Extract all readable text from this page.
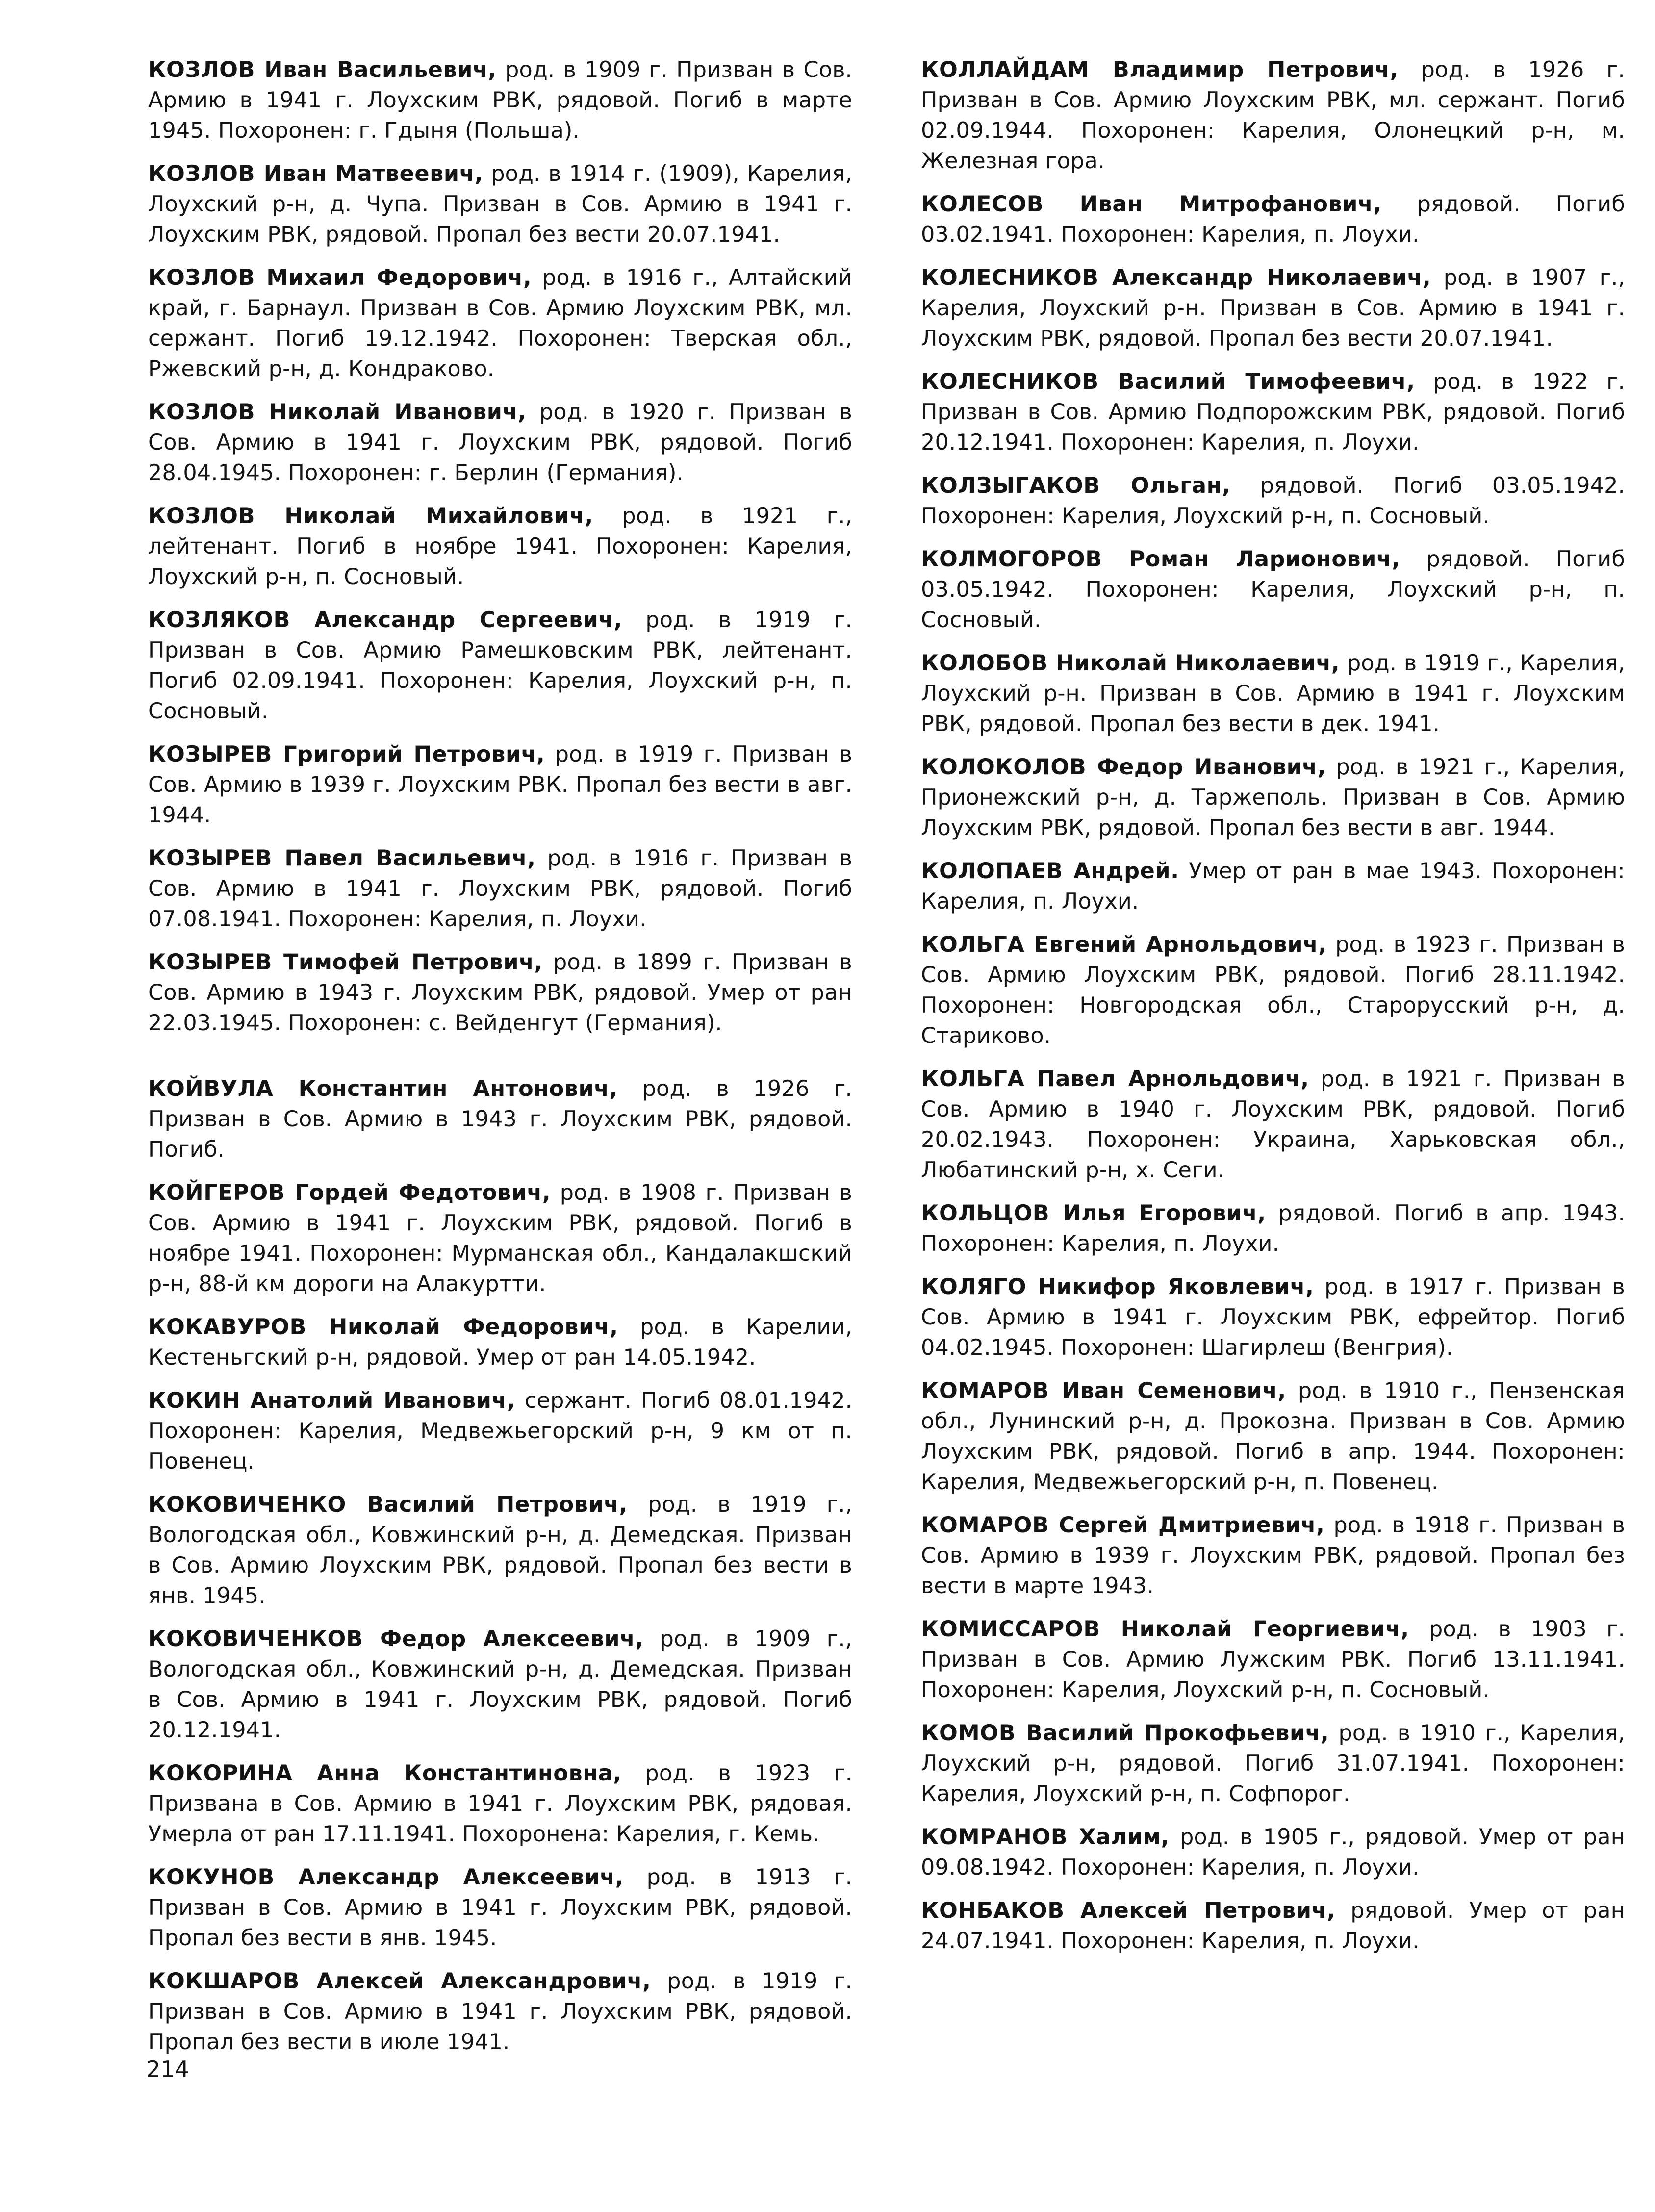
КОЗЛОВ Иван Васильевич, род. в 1909 г. Призван в Сов. Армию в 1941 г. Лоухским РВК, рядовой. Погиб в марте 1945. Похоронен: г. Гдыня (Польша).

КОЗЛОВ Иван Матвеевич, род. в 1914 г. (1909), Карелия, Лоухский р-н, д. Чупа. Призван в Сов. Армию в 1941 г. Лоухским РВК, рядовой. Пропал без вести 20.07.1941.

КОЗЛОВ Михаил Федорович, род. в 1916 г., Алтайский край, г. Барнаул. Призван в Сов. Армию Лоухским РВК, мл. сержант. Погиб 19.12.1942. Похоронен: Тверская обл., Ржевский р-н, д. Кондраково.

КОЗЛОВ Николай Иванович, род. в 1920 г. Призван в Сов. Армию в 1941 г. Лоухским РВК, рядовой. Погиб 28.04.1945. Похоронен: г. Берлин (Германия).

КОЗЛОВ Николай Михайлович, род. в 1921 г., лейтенант. Погиб в ноябре 1941. Похоронен: Карелия, Лоухский р-н, п. Сосновый.

КОЗЛЯКОВ Александр Сергеевич, род. в 1919 г. Призван в Сов. Армию Рамешковским РВК, лейтенант. Погиб 02.09.1941. Похоронен: Карелия, Лоухский р-н, п. Сосновый.

КОЗЫРЕВ Григорий Петрович, род. в 1919 г. Призван в Сов. Армию в 1939 г. Лоухским РВК. Пропал без вести в авг. 1944.

КОЗЫРЕВ Павел Васильевич, род. в 1916 г. Призван в Сов. Армию в 1941 г. Лоухским РВК, рядовой. Погиб 07.08.1941. Похоронен: Карелия, п. Лоухи.

КОЗЫРЕВ Тимофей Петрович, род. в 1899 г. Призван в Сов. Армию в 1943 г. Лоухским РВК, рядовой. Умер от ран 22.03.1945. Похоронен: с. Вейденгут (Германия).

КОЙВУЛА Константин Антонович, род. в 1926 г. Призван в Сов. Армию в 1943 г. Лоухским РВК, рядовой. Погиб.

КОЙГЕРОВ Гордей Федотович, род. в 1908 г. Призван в Сов. Армию в 1941 г. Лоухским РВК, рядовой. Погиб в ноябре 1941. Похоронен: Мурманская обл., Кандалакшский р-н, 88-й км дороги на Алакуртти.

КОКАВУРОВ Николай Федорович, род. в Карелии, Кестеньгский р-н, рядовой. Умер от ран 14.05.1942.

КОКИН Анатолий Иванович, сержант. Погиб 08.01.1942. Похоронен: Карелия, Медвежьегорский р-н, 9 км от п. Повенец.

КОКОВИЧЕНКО Василий Петрович, род. в 1919 г., Вологодская обл., Ковжинский р-н, д. Демедская. Призван в Сов. Армию Лоухским РВК, рядовой. Пропал без вести в янв. 1945.

КОКОВИЧЕНКОВ Федор Алексеевич, род. в 1909 г., Вологодская обл., Ковжинский р-н, д. Демедская. Призван в Сов. Армию в 1941 г. Лоухским РВК, рядовой. Погиб 20.12.1941.

КОКОРИНА Анна Константиновна, род. в 1923 г. Призвана в Сов. Армию в 1941 г. Лоухским РВК, рядовая. Умерла от ран 17.11.1941. Похоронена: Карелия, г. Кемь.

КОКУНОВ Александр Алексеевич, род. в 1913 г. Призван в Сов. Армию в 1941 г. Лоухским РВК, рядовой. Пропал без вести в янв. 1945.

КОКШАРОВ Алексей Александрович, род. в 1919 г. Призван в Сов. Армию в 1941 г. Лоухским РВК, рядовой. Пропал без вести в июле 1941.

КОЛЛАЙДАМ Владимир Петрович, род. в 1926 г. Призван в Сов. Армию Лоухским РВК, мл. сержант. Погиб 02.09.1944. Похоронен: Карелия, Олонецкий р-н, м. Железная гора.

КОЛЕСОВ Иван Митрофанович, рядовой. Погиб 03.02.1941. Похоронен: Карелия, п. Лоухи.

КОЛЕСНИКОВ Александр Николаевич, род. в 1907 г., Карелия, Лоухский р-н. Призван в Сов. Армию в 1941 г. Лоухским РВК, рядовой. Пропал без вести 20.07.1941.

КОЛЕСНИКОВ Василий Тимофеевич, род. в 1922 г. Призван в Сов. Армию Подпорожским РВК, рядовой. Погиб 20.12.1941. Похоронен: Карелия, п. Лоухи.

КОЛЗЫГАКОВ Ольган, рядовой. Погиб 03.05.1942. Похоронен: Карелия, Лоухский р-н, п. Сосновый.

КОЛМОГОРОВ Роман Ларионович, рядовой. Погиб 03.05.1942. Похоронен: Карелия, Лоухский р-н, п. Сосновый.

КОЛОБОВ Николай Николаевич, род. в 1919 г., Карелия, Лоухский р-н. Призван в Сов. Армию в 1941 г. Лоухским РВК, рядовой. Пропал без вести в дек. 1941.

КОЛОКОЛОВ Федор Иванович, род. в 1921 г., Карелия, Прионежский р-н, д. Таржеполь. Призван в Сов. Армию Лоухским РВК, рядовой. Пропал без вести в авг. 1944.

КОЛОПАЕВ Андрей. Умер от ран в мае 1943. Похоронен: Карелия, п. Лоухи.

КОЛЬГА Евгений Арнольдович, род. в 1923 г. Призван в Сов. Армию Лоухским РВК, рядовой. Погиб 28.11.1942. Похоронен: Новгородская обл., Старорусский р-н, д. Стариково.

КОЛЬГА Павел Арнольдович, род. в 1921 г. Призван в Сов. Армию в 1940 г. Лоухским РВК, рядовой. Погиб 20.02.1943. Похоронен: Украина, Харьковская обл., Любатинский р-н, х. Сеги.

КОЛЬЦОВ Илья Егорович, рядовой. Погиб в апр. 1943. Похоронен: Карелия, п. Лоухи.

КОЛЯГО Никифор Яковлевич, род. в 1917 г. Призван в Сов. Армию в 1941 г. Лоухским РВК, ефрейтор. Погиб 04.02.1945. Похоронен: Шагирлеш (Венгрия).

КОМАРОВ Иван Семенович, род. в 1910 г., Пензенская обл., Лунинский р-н, д. Прокозна. Призван в Сов. Армию Лоухским РВК, рядовой. Погиб в апр. 1944. Похоронен: Карелия, Медвежьегорский р-н, п. Повенец.

КОМАРОВ Сергей Дмитриевич, род. в 1918 г. Призван в Сов. Армию в 1939 г. Лоухским РВК, рядовой. Пропал без вести в марте 1943.

КОМИССАРОВ Николай Георгиевич, род. в 1903 г. Призван в Сов. Армию Лужским РВК. Погиб 13.11.1941. Похоронен: Карелия, Лоухский р-н, п. Сосновый.

КОМОВ Василий Прокофьевич, род. в 1910 г., Карелия, Лоухский р-н, рядовой. Погиб 31.07.1941. Похоронен: Карелия, Лоухский р-н, п. Софпорог.

КОМРАНОВ Халим, род. в 1905 г., рядовой. Умер от ран 09.08.1942. Похоронен: Карелия, п. Лоухи.

КОНБАКОВ Алексей Петрович, рядовой. Умер от ран 24.07.1941. Похоронен: Карелия, п. Лоухи.

214
